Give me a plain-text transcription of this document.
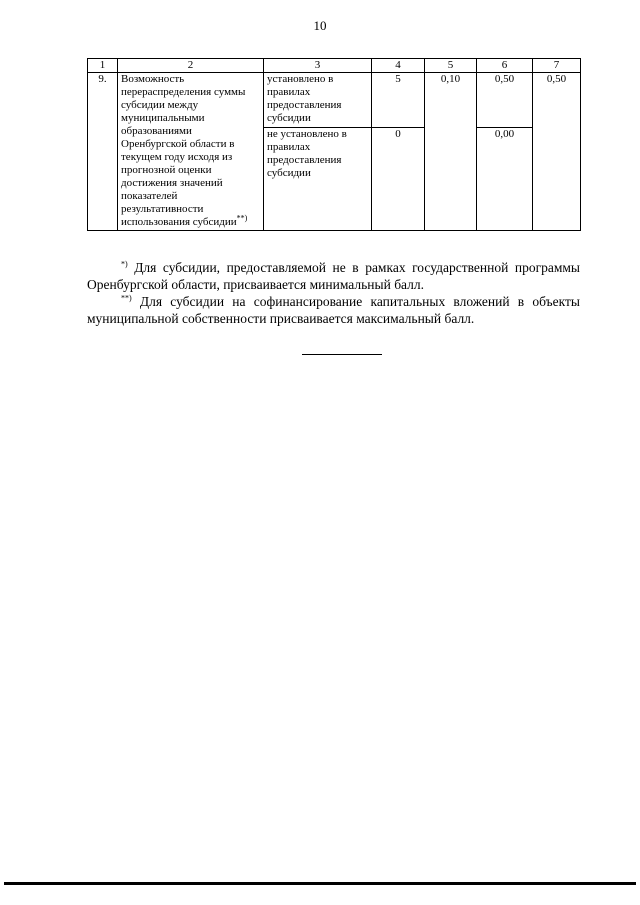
10
1	2	3	4	5	6	7
9.	Возможность перераспределения суммы субсидии между муниципальными образованиями Оренбургской области в текущем году исходя из прогнозной оценки достижения значений показателей результативности использования субсидии**)	установлено в правилах предоставления субсидии	5	0,10	0,50	0,50
		не установлено в правилах предоставления субсидии	0		0,00	
*) Для субсидии, предоставляемой не в рамках государственной программы Оренбургской области, присваивается минимальный балл.
**) Для субсидии на софинансирование капитальных вложений в объекты муниципальной собственности присваивается максимальный балл.
